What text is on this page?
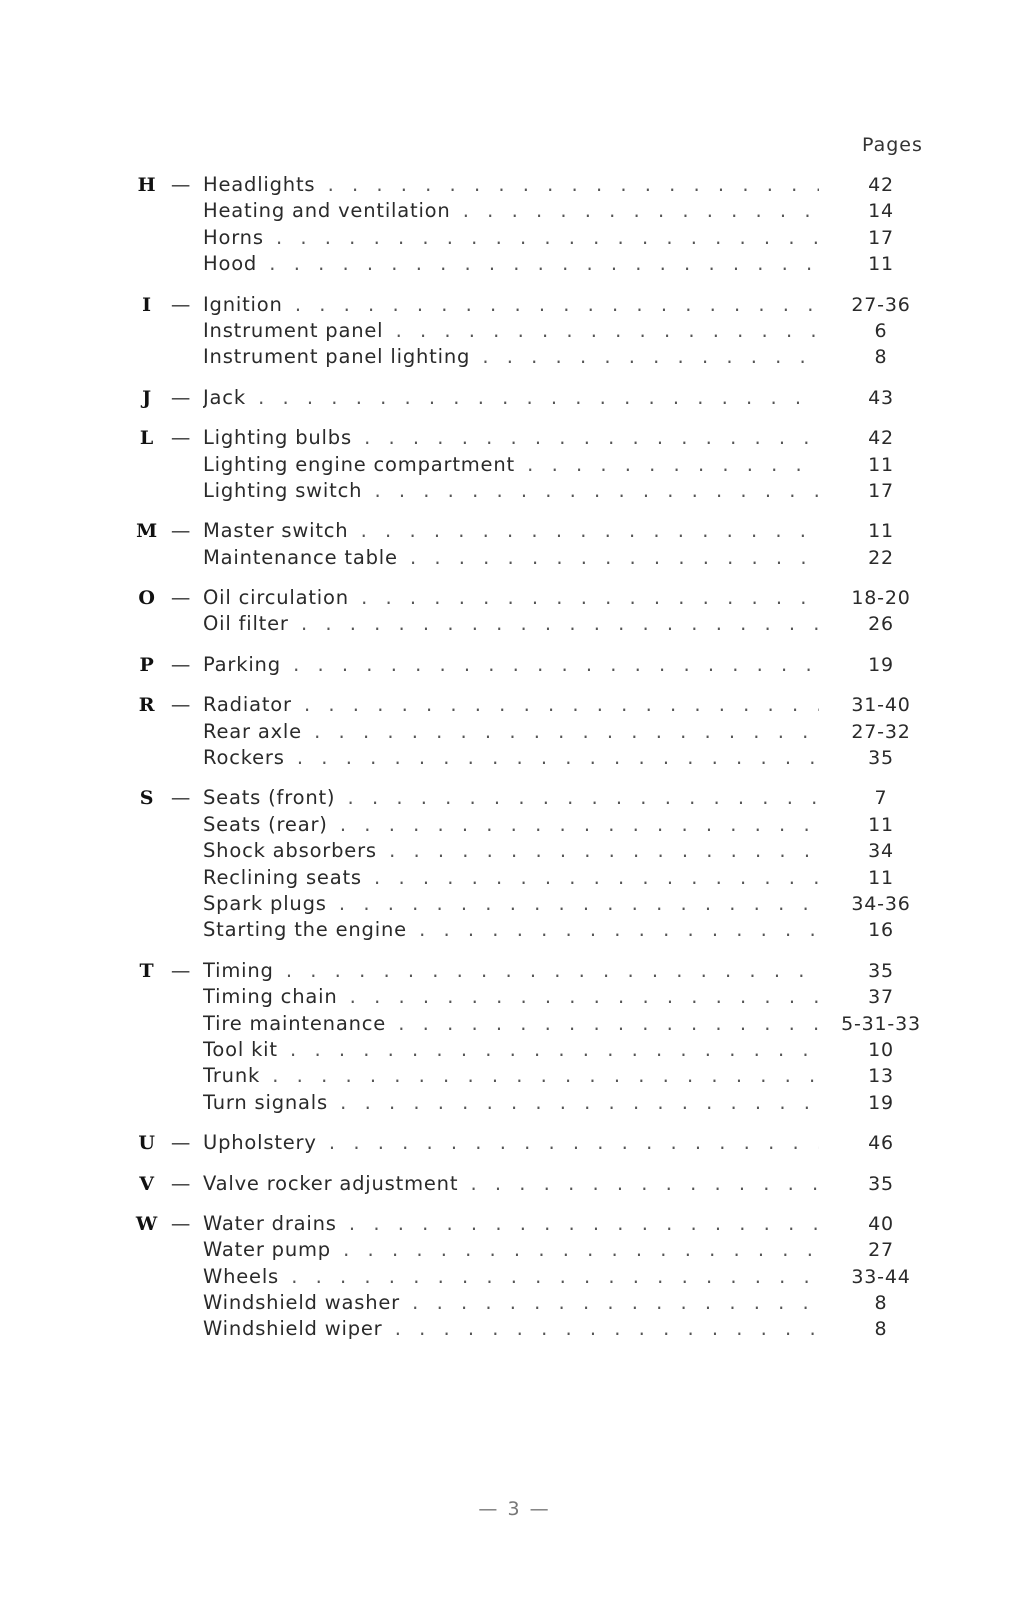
Pages
H — Headlights . . .	42
Heating and ventilation . . .	14
Horns . . .	17
Hood . . .	11
I — Ignition . . .	27-36
Instrument panel . . .	6
Instrument panel lighting . . .	8
J — Jack . . .	43
L — Lighting bulbs . . .	42
Lighting engine compartment . . .	11
Lighting switch . . .	17
M — Master switch . . .	11
Maintenance table . . .	22
O — Oil circulation . . .	18-20
Oil filter . . .	26
P — Parking . . .	19
R — Radiator . . .	31-40
Rear axle . . .	27-32
Rockers . . .	35
S — Seats (front) . . .	7
Seats (rear) . . .	11
Shock absorbers . . .	34
Reclining seats . . .	11
Spark plugs . . .	34-36
Starting the engine . . .	16
T — Timing . . .	35
Timing chain . . .	37
Tire maintenance . . .	5-31-33
Tool kit . . .	10
Trunk . . .	13
Turn signals . . .	19
U — Upholstery . . .	46
V — Valve rocker adjustment . . .	35
W — Water drains . . .	40
Water pump . . .	27
Wheels . . .	33-44
Windshield washer . . .	8
Windshield wiper . . .	8
— 3 —
